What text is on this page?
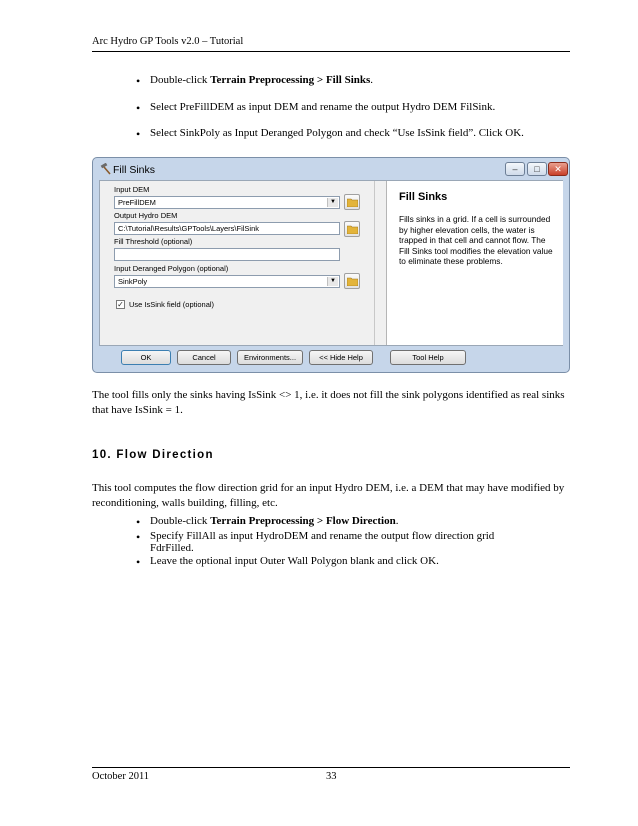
Arc Hydro GP Tools v2.0 – Tutorial
• Double-click Terrain Preprocessing > Fill Sinks.
• Select PreFillDEM as input DEM and rename the output Hydro DEM FilSink.
• Select SinkPoly as Input Deranged Polygon and check “Use IsSink field”. Click OK.
Fill Sinks	–	□	✕
Input DEM
PreFillDEM	▼
Output Hydro DEM
C:\Tutorial\Results\GPTools\Layers\FilSink
Fill Threshold (optional)
Input Deranged Polygon (optional)
SinkPoly	▼
✓ Use IsSink field (optional)
Fill Sinks
Fills sinks in a grid. If a cell is surrounded by higher elevation cells, the water is trapped in that cell and cannot flow. The Fill Sinks tool modifies the elevation value to eliminate these problems.
OK	Cancel	Environments...	<< Hide Help	Tool Help
The tool fills only the sinks having IsSink <> 1, i.e. it does not fill the sink polygons identified as real sinks that have IsSink = 1.
10. Flow Direction
This tool computes the flow direction grid for an input Hydro DEM, i.e. a DEM that may have modified by reconditioning, walls building, filling, etc.
• Double-click Terrain Preprocessing > Flow Direction.
• Specify FillAll as input HydroDEM and rename the output flow direction grid
FdrFilled.
• Leave the optional input Outer Wall Polygon blank and click OK.
October 2011	33
